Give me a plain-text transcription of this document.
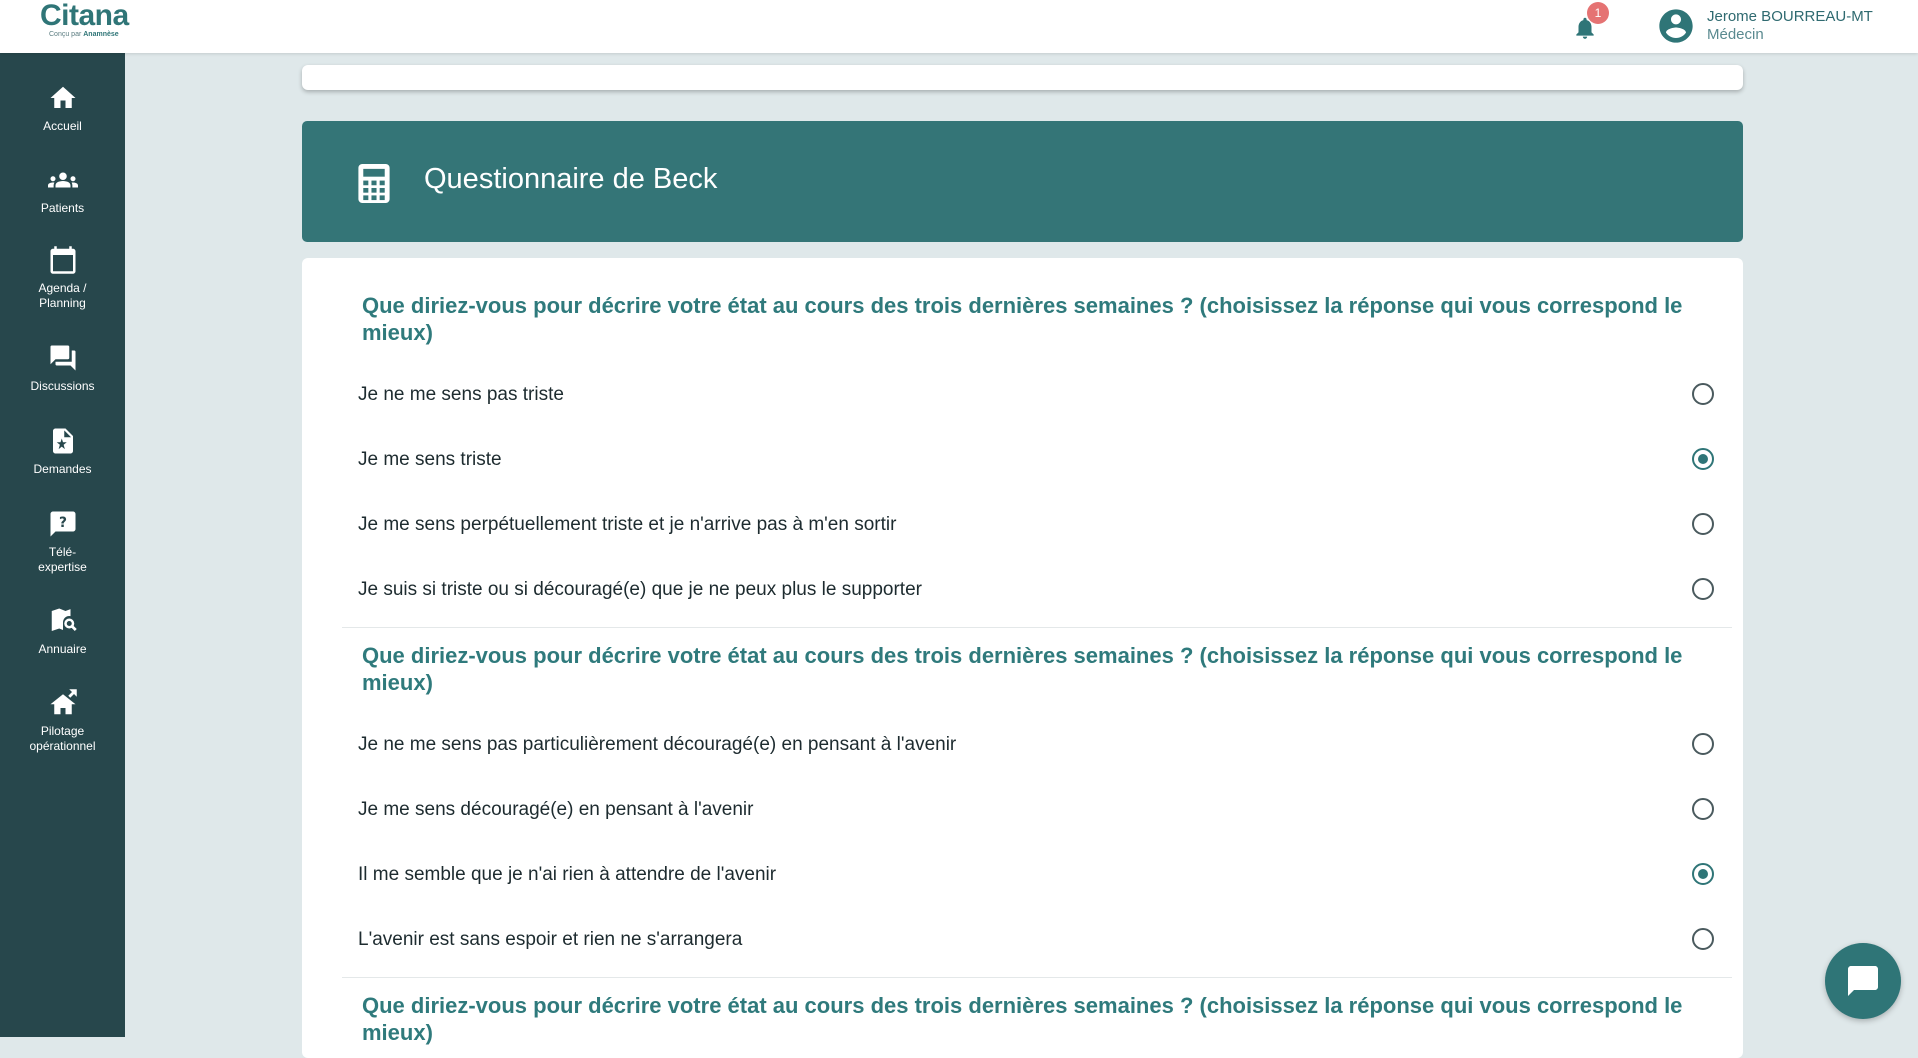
Citana
Conçu par Anamnèse
1	Jerome BOURREAU-MT
Médecin
Accueil
Patients
Agenda / Planning
Discussions
Demandes
?
Télé-expertise
Annuaire
Pilotage opérationnel
Questionnaire de Beck
Que diriez-vous pour décrire votre état au cours des trois dernières semaines ? (choisissez la réponse qui vous correspond le mieux)
Je ne me sens pas triste
Je me sens triste
Je me sens perpétuellement triste et je n'arrive pas à m'en sortir
Je suis si triste ou si découragé(e) que je ne peux plus le supporter
Que diriez-vous pour décrire votre état au cours des trois dernières semaines ? (choisissez la réponse qui vous correspond le mieux)
Je ne me sens pas particulièrement découragé(e) en pensant à l'avenir
Je me sens découragé(e) en pensant à l'avenir
Il me semble que je n'ai rien à attendre de l'avenir
L'avenir est sans espoir et rien ne s'arrangera
Que diriez-vous pour décrire votre état au cours des trois dernières semaines ? (choisissez la réponse qui vous correspond le mieux)
